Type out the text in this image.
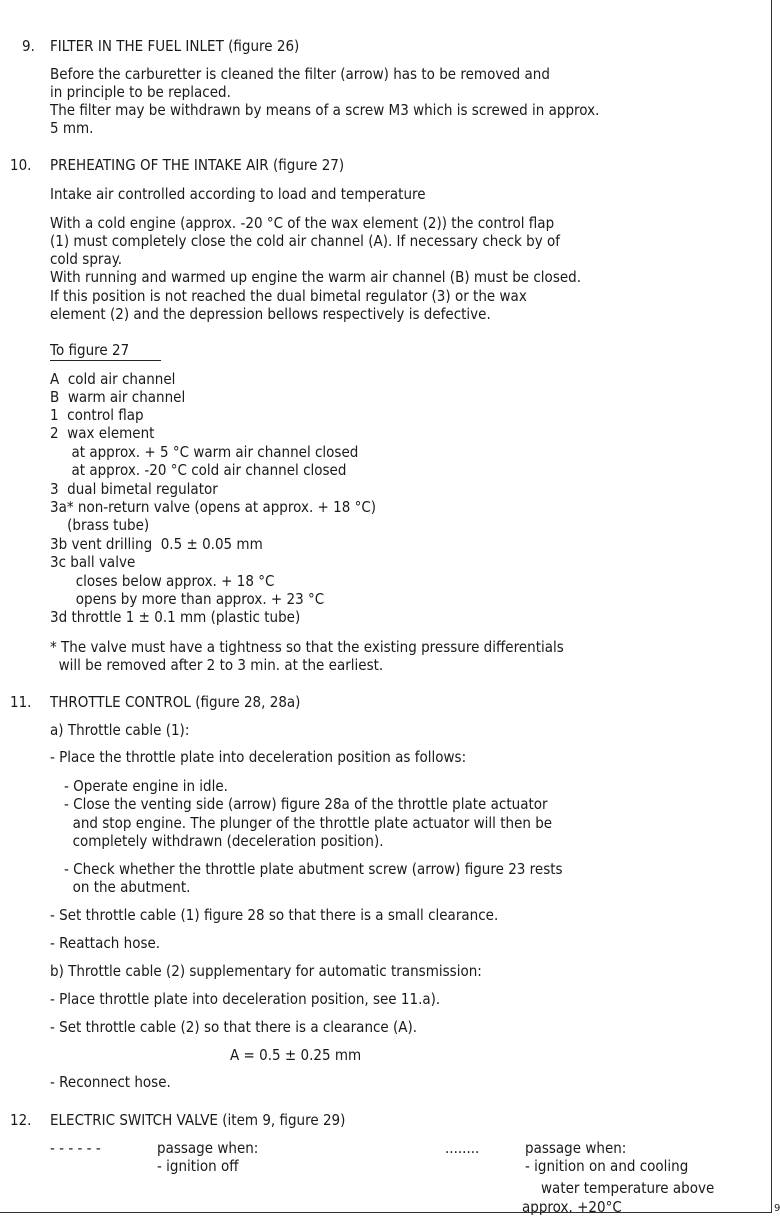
9. FILTER IN THE FUEL INLET (figure 26)
Before the carburetter is cleaned the filter (arrow) has to be removed and
in principle to be replaced.
The filter may be withdrawn by means of a screw M3 which is screwed in approx.
5 mm.
10. PREHEATING OF THE INTAKE AIR (figure 27)
Intake air controlled according to load and temperature
With a cold engine (approx. -20 °C of the wax element (2)) the control flap
(1) must completely close the cold air channel (A). If necessary check by of
cold spray.
With running and warmed up engine the warm air channel (B) must be closed.
If this position is not reached the dual bimetal regulator (3) or the wax
element (2) and the depression bellows respectively is defective.
To figure 27
A  cold air channel
B  warm air channel
1  control flap
2  wax element
at approx. + 5 °C warm air channel closed
at approx. -20 °C cold air channel closed
3  dual bimetal regulator
3a* non-return valve (opens at approx. + 18 °C)
(brass tube)
3b vent drilling  0.5 ± 0.05 mm
3c ball valve
closes below approx. + 18 °C
opens by more than approx. + 23 °C
3d throttle 1 ± 0.1 mm (plastic tube)
* The valve must have a tightness so that the existing pressure differentials
will be removed after 2 to 3 min. at the earliest.
11. THROTTLE CONTROL (figure 28, 28a)
a) Throttle cable (1):
- Place the throttle plate into deceleration position as follows:
- Operate engine in idle.
- Close the venting side (arrow) figure 28a of the throttle plate actuator
and stop engine. The plunger of the throttle plate actuator will then be
completely withdrawn (deceleration position).
- Check whether the throttle plate abutment screw (arrow) figure 23 rests
on the abutment.
- Set throttle cable (1) figure 28 so that there is a small clearance.
- Reattach hose.
b) Throttle cable (2) supplementary for automatic transmission:
- Place throttle plate into deceleration position, see 11.a).
- Set throttle cable (2) so that there is a clearance (A).
A = 0.5 ± 0.25 mm
- Reconnect hose.
12. ELECTRIC SWITCH VALVE (item 9, figure 29)
- - - - - -	passage when:
- ignition off
........	passage when:
- ignition on and cooling
water temperature above
approx. +20°C	9
